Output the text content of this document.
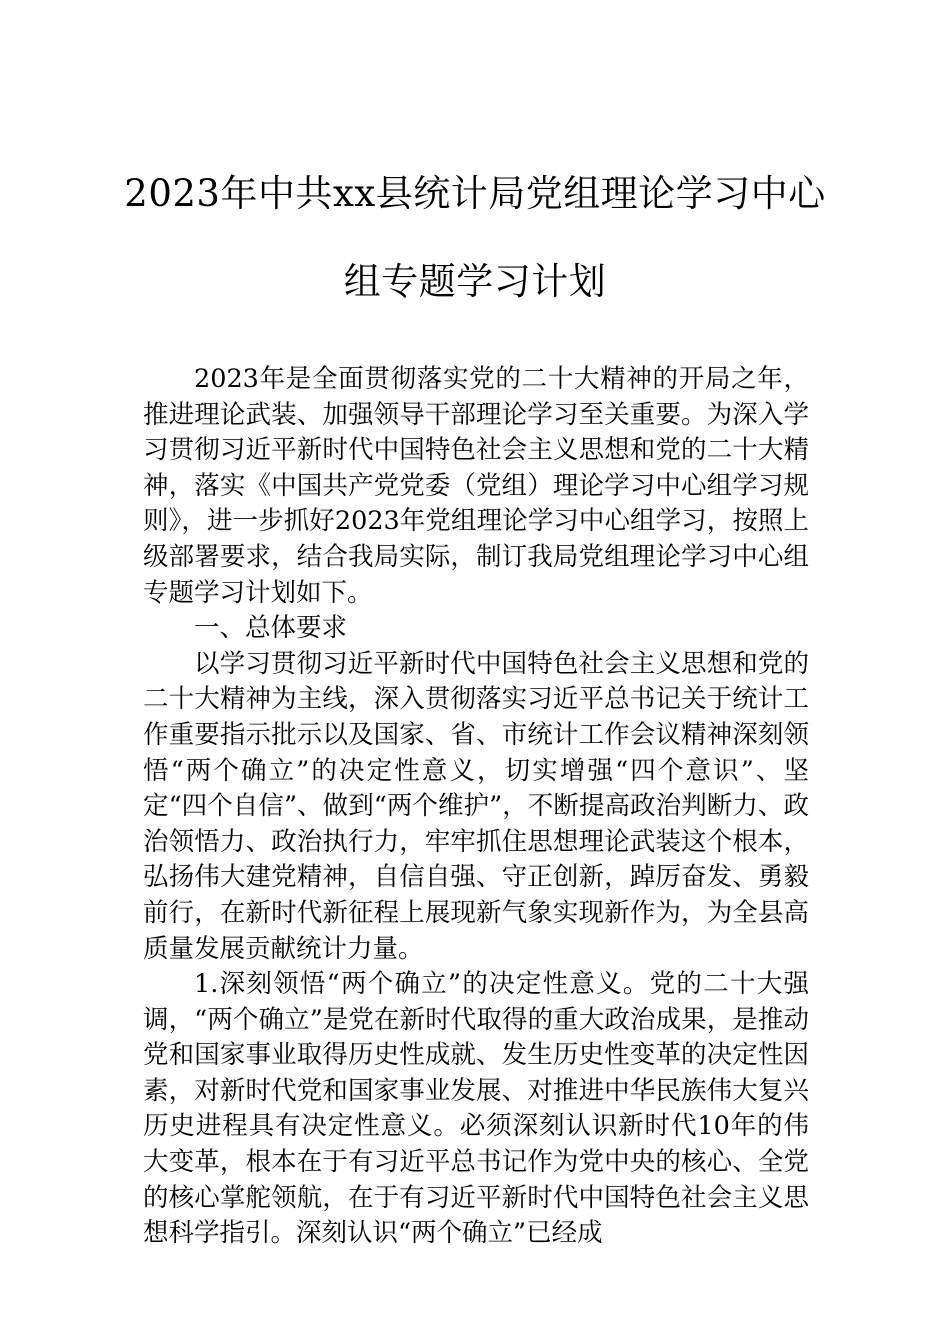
2023年中共xx县统计局党组理论学习中心
组专题学习计划

2023年是全面贯彻落实党的二十大精神的开局之年，推进理论武装、加强领导干部理论学习至关重要。为深入学习贯彻习近平新时代中国特色社会主义思想和党的二十大精神，落实《中国共产党党委（党组）理论学习中心组学习规则》，进一步抓好2023年党组理论学习中心组学习，按照上级部署要求，结合我局实际，制订我局党组理论学习中心组专题学习计划如下。

一、总体要求

以学习贯彻习近平新时代中国特色社会主义思想和党的二十大精神为主线，深入贯彻落实习近平总书记关于统计工作重要指示批示以及国家、省、市统计工作会议精神深刻领悟“两个确立”的决定性意义，切实增强“四个意识”、坚定“四个自信”、做到“两个维护”，不断提高政治判断力、政治领悟力、政治执行力，牢牢抓住思想理论武装这个根本，弘扬伟大建党精神，自信自强、守正创新，踔厉奋发、勇毅前行，在新时代新征程上展现新气象实现新作为，为全县高质量发展贡献统计力量。

1.深刻领悟“两个确立”的决定性意义。党的二十大强调，“两个确立”是党在新时代取得的重大政治成果，是推动党和国家事业取得历史性成就、发生历史性变革的决定性因素，对新时代党和国家事业发展、对推进中华民族伟大复兴历史进程具有决定性意义。必须深刻认识新时代10年的伟大变革，根本在于有习近平总书记作为党中央的核心、全党的核心掌舵领航，在于有习近平新时代中国特色社会主义思想科学指引。深刻认识“两个确立”已经成
